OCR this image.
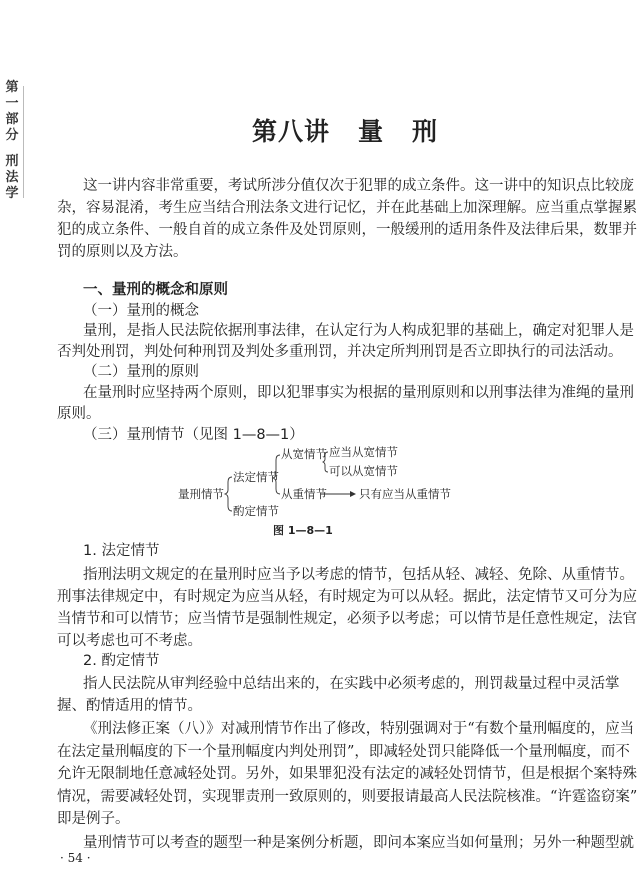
第
一
部
分
刑
法
学
第八讲 量 刑
这一讲内容非常重要，考试所涉分值仅次于犯罪的成立条件。这一讲中的知识点比较庞
杂，容易混淆，考生应当结合刑法条文进行记忆，并在此基础上加深理解。应当重点掌握累
犯的成立条件、一般自首的成立条件及处罚原则，一般缓刑的适用条件及法律后果，数罪并
罚的原则以及方法。
一、量刑的概念和原则
（一）量刑的概念
量刑，是指人民法院依据刑事法律，在认定行为人构成犯罪的基础上，确定对犯罪人是
否判处刑罚，判处何种刑罚及判处多重刑罚，并决定所判刑罚是否立即执行的司法活动。
（二）量刑的原则
在量刑时应坚持两个原则，即以犯罪事实为根据的量刑原则和以刑事法律为准绳的量刑
原则。
（三）量刑情节（见图 1—8—1）
量刑情节
法定情节
酌定情节
从宽情节
从重情节
应当从宽情节
可以从宽情节
只有应当从重情节
图 1—8—1
1. 法定情节
指刑法明文规定的在量刑时应当予以考虑的情节，包括从轻、减轻、免除、从重情节。
刑事法律规定中，有时规定为应当从轻，有时规定为可以从轻。据此，法定情节又可分为应
当情节和可以情节；应当情节是强制性规定，必须予以考虑；可以情节是任意性规定，法官
可以考虑也可不考虑。
2. 酌定情节
指人民法院从审判经验中总结出来的，在实践中必须考虑的，刑罚裁量过程中灵活掌
握、酌情适用的情节。
《刑法修正案（八）》对减刑情节作出了修改，特别强调对于“有数个量刑幅度的，应当
在法定量刑幅度的下一个量刑幅度内判处刑罚”，即减轻处罚只能降低一个量刑幅度，而不
允许无限制地任意减轻处罚。另外，如果罪犯没有法定的减轻处罚情节，但是根据个案特殊
情况，需要减轻处罚，实现罪责刑一致原则的，则要报请最高人民法院核准。“许霆盗窃案”
即是例子。
量刑情节可以考查的题型一种是案例分析题，即问本案应当如何量刑；另外一种题型就
· 54 ·
